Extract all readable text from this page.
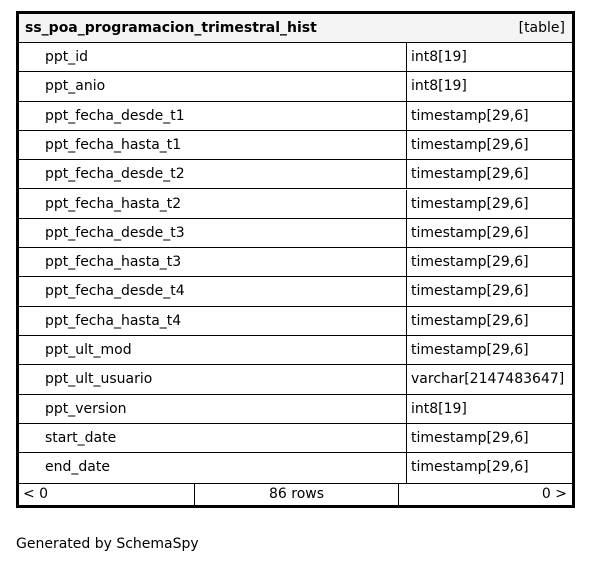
ss_poa_programacion_trimestral_hist	[table]
ppt_id	int8[19]
ppt_anio	int8[19]
ppt_fecha_desde_t1	timestamp[29,6]
ppt_fecha_hasta_t1	timestamp[29,6]
ppt_fecha_desde_t2	timestamp[29,6]
ppt_fecha_hasta_t2	timestamp[29,6]
ppt_fecha_desde_t3	timestamp[29,6]
ppt_fecha_hasta_t3	timestamp[29,6]
ppt_fecha_desde_t4	timestamp[29,6]
ppt_fecha_hasta_t4	timestamp[29,6]
ppt_ult_mod	timestamp[29,6]
ppt_ult_usuario	varchar[2147483647]
ppt_version	int8[19]
start_date	timestamp[29,6]
end_date	timestamp[29,6]
< 0	86 rows	0 >
Generated by SchemaSpy
